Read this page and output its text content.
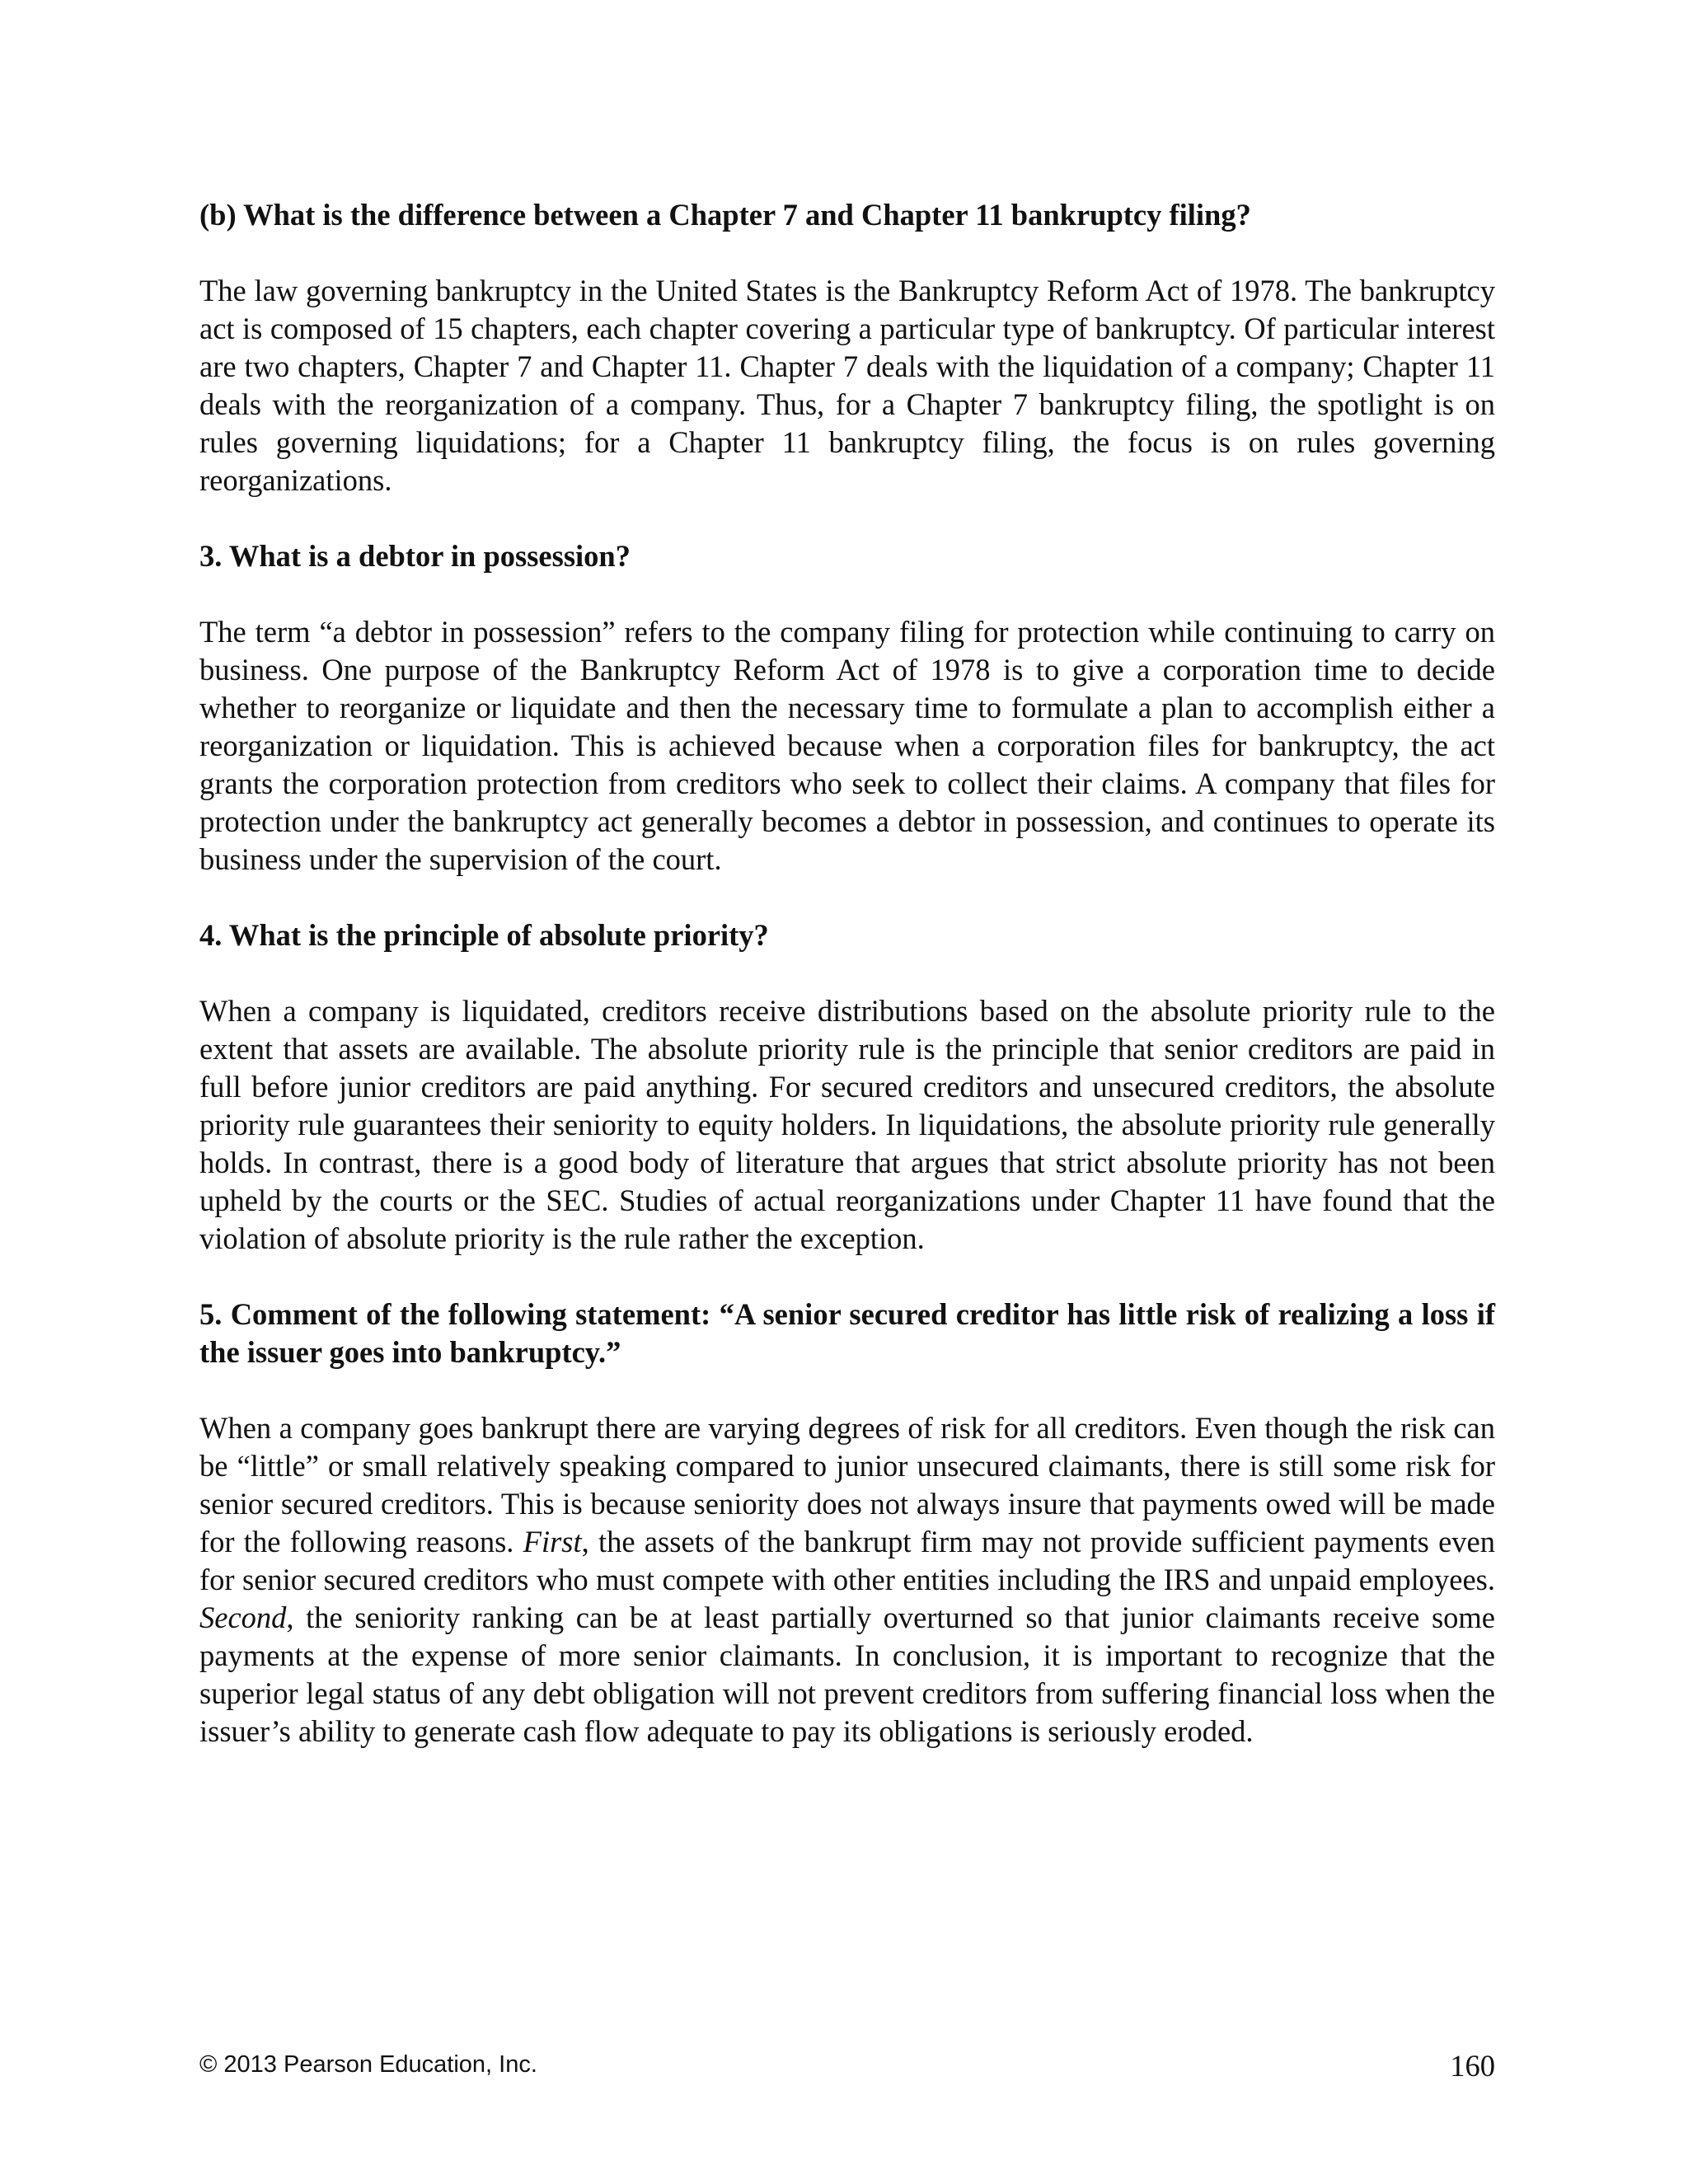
(b) What is the difference between a Chapter 7 and Chapter 11 bankruptcy filing?

The law governing bankruptcy in the United States is the Bankruptcy Reform Act of 1978. The bankruptcy act is composed of 15 chapters, each chapter covering a particular type of bankruptcy. Of particular interest are two chapters, Chapter 7 and Chapter 11. Chapter 7 deals with the liquidation of a company; Chapter 11 deals with the reorganization of a company. Thus, for a Chapter 7 bankruptcy filing, the spotlight is on rules governing liquidations; for a Chapter 11 bankruptcy filing, the focus is on rules governing reorganizations.

3. What is a debtor in possession?

The term “a debtor in possession” refers to the company filing for protection while continuing to carry on business. One purpose of the Bankruptcy Reform Act of 1978 is to give a corporation time to decide whether to reorganize or liquidate and then the necessary time to formulate a plan to accomplish either a reorganization or liquidation. This is achieved because when a corporation files for bankruptcy, the act grants the corporation protection from creditors who seek to collect their claims. A company that files for protection under the bankruptcy act generally becomes a debtor in possession, and continues to operate its business under the supervision of the court.

4. What is the principle of absolute priority?

When a company is liquidated, creditors receive distributions based on the absolute priority rule to the extent that assets are available. The absolute priority rule is the principle that senior creditors are paid in full before junior creditors are paid anything. For secured creditors and unsecured creditors, the absolute priority rule guarantees their seniority to equity holders. In liquidations, the absolute priority rule generally holds. In contrast, there is a good body of literature that argues that strict absolute priority has not been upheld by the courts or the SEC. Studies of actual reorganizations under Chapter 11 have found that the violation of absolute priority is the rule rather the exception.

5. Comment of the following statement: “A senior secured creditor has little risk of realizing a loss if the issuer goes into bankruptcy.”

When a company goes bankrupt there are varying degrees of risk for all creditors. Even though the risk can be “little” or small relatively speaking compared to junior unsecured claimants, there is still some risk for senior secured creditors. This is because seniority does not always insure that payments owed will be made for the following reasons. First, the assets of the bankrupt firm may not provide sufficient payments even for senior secured creditors who must compete with other entities including the IRS and unpaid employees. Second, the seniority ranking can be at least partially overturned so that junior claimants receive some payments at the expense of more senior claimants. In conclusion, it is important to recognize that the superior legal status of any debt obligation will not prevent creditors from suffering financial loss when the issuer’s ability to generate cash flow adequate to pay its obligations is seriously eroded.

© 2013 Pearson Education, Inc.	160
